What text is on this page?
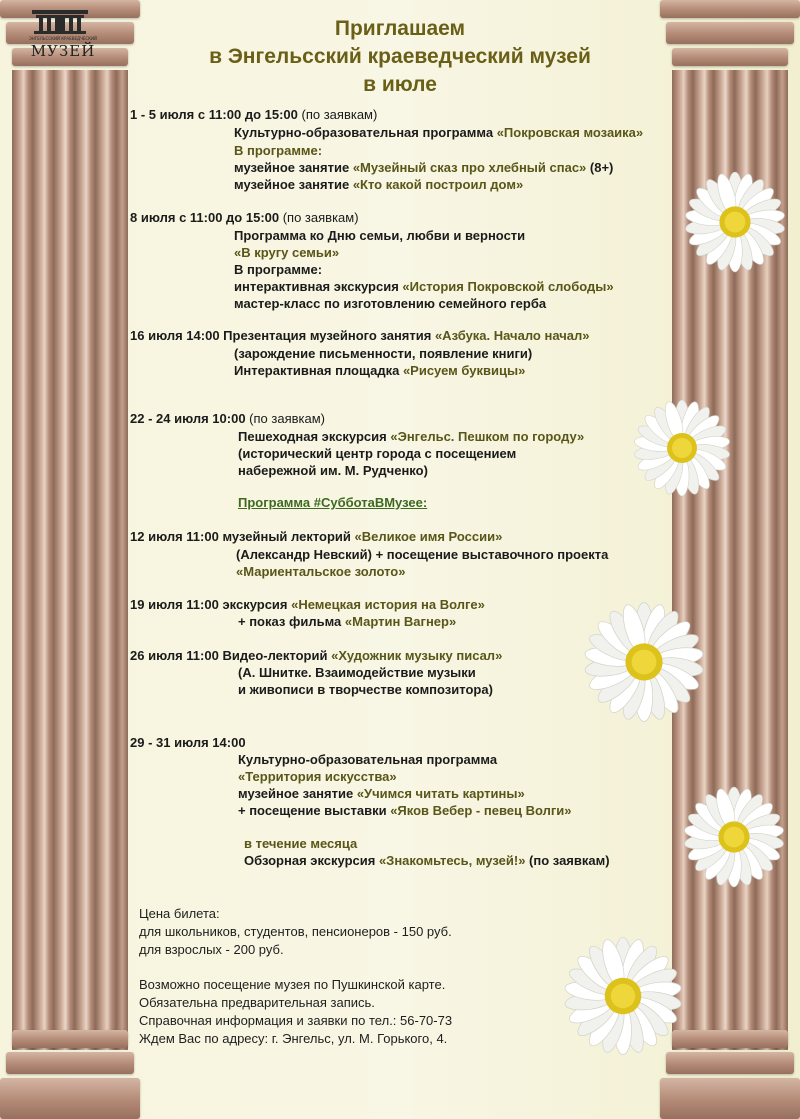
ЭНГЕЛЬССКИЙ КРАЕВЕДЧЕСКИЙ
МУЗЕЙ
Приглашаем
в Энгельсский краеведческий музей
в июле
1 - 5 июля с 11:00 до 15:00 (по заявкам)
Культурно-образовательная программа «Покровская мозаика»
В программе:
музейное занятие «Музейный сказ про хлебный спас» (8+)
музейное занятие «Кто какой построил дом»
8 июля с 11:00 до 15:00 (по заявкам)
Программа ко Дню семьи, любви и верности
«В кругу семьи»
В программе:
интерактивная экскурсия «История Покровской слободы»
мастер-класс по изготовлению семейного герба
16 июля 14:00 Презентация музейного занятия «Азбука. Начало начал»
(зарождение письменности, появление книги)
Интерактивная площадка «Рисуем буквицы»
22 - 24 июля 10:00 (по заявкам)
Пешеходная экскурсия «Энгельс. Пешком по городу»
(исторический центр города с посещением
набережной им. М. Рудченко)
Программа #СубботаВМузее:
12 июля 11:00 музейный лекторий «Великое имя России»
(Александр Невский) + посещение выставочного проекта
«Мариентальское золото»
19 июля 11:00 экскурсия «Немецкая история на Волге»
+ показ фильма «Мартин Вагнер»
26 июля 11:00 Видео-лекторий «Художник музыку писал»
(А. Шнитке. Взаимодействие музыки
и живописи в творчестве композитора)
29 - 31 июля 14:00
Культурно-образовательная программа
«Территория искусства»
музейное занятие «Учимся читать картины»
+ посещение выставки «Яков Вебер - певец Волги»
в течение месяца
Обзорная экскурсия «Знакомьтесь, музей!» (по заявкам)
Цена билета:
для школьников, студентов, пенсионеров - 150 руб.
для взрослых - 200 руб.
Возможно посещение музея по Пушкинской карте.
Обязательна предварительная запись.
Справочная информация и заявки по тел.: 56-70-73
Ждем Вас по адресу: г. Энгельс, ул. М. Горького, 4.
